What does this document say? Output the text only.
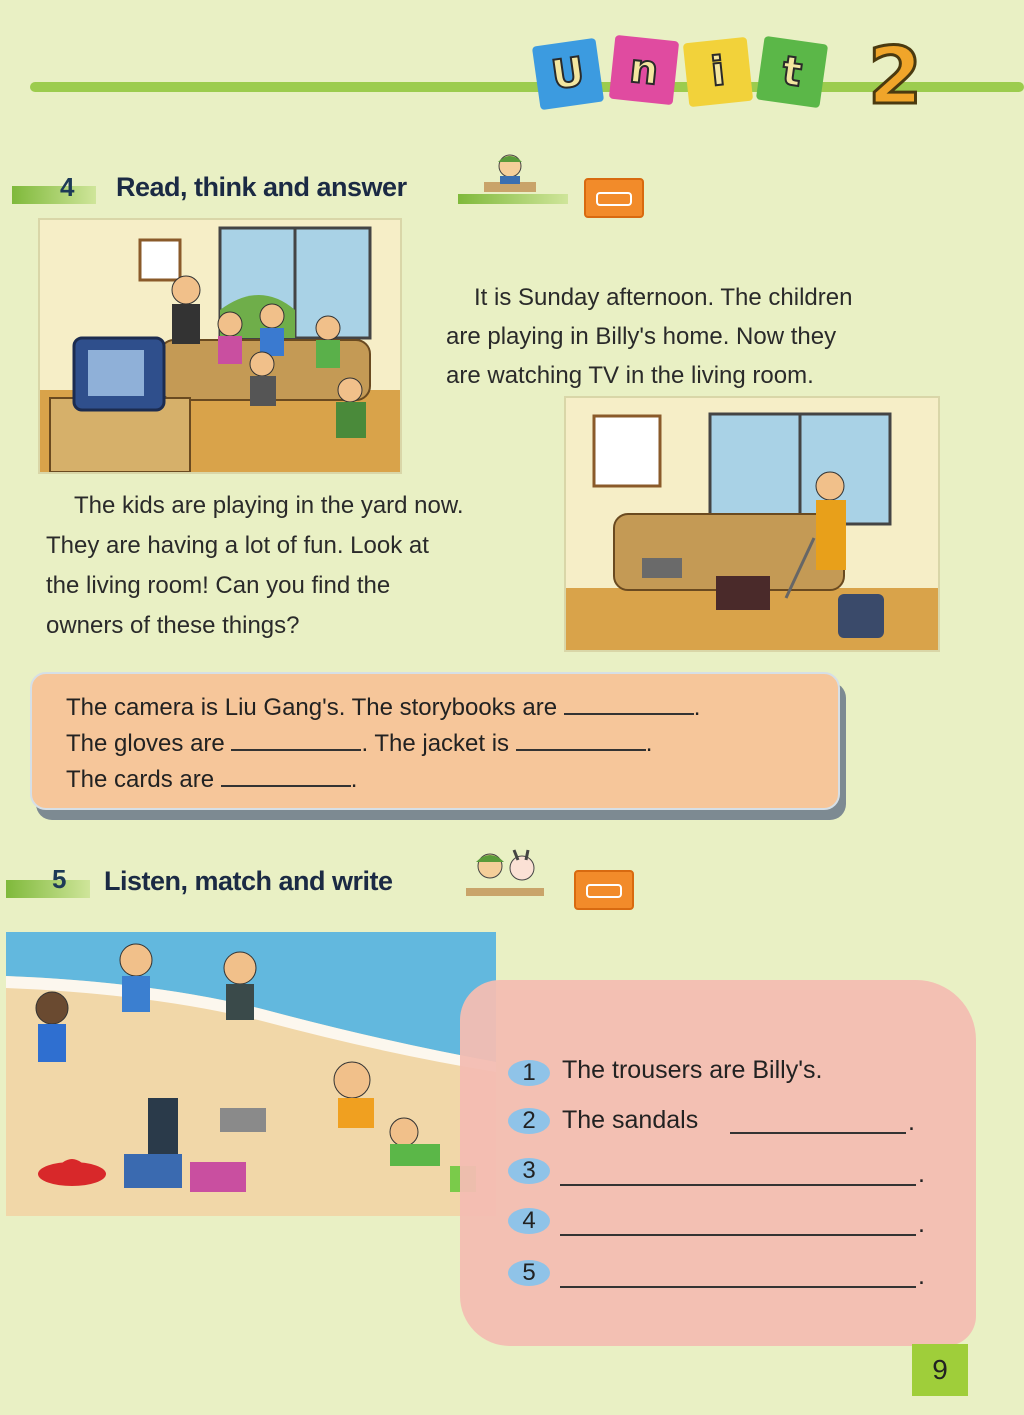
U	n	i	t 2
4 Read, think and answer
It is Sunday afternoon. The children
are playing in Billy's home. Now they
are watching TV in the living room.
The kids are playing in the yard now.
They are having a lot of fun. Look at
the living room! Can you find the
owners of these things?
The camera is Liu Gang's. The storybooks are	.
The gloves are	. The jacket is	.
The cards are	.
5 Listen, match and write
1	The trousers are Billy's.
2	The sandals	.
3	.
4	.
5	.
9
